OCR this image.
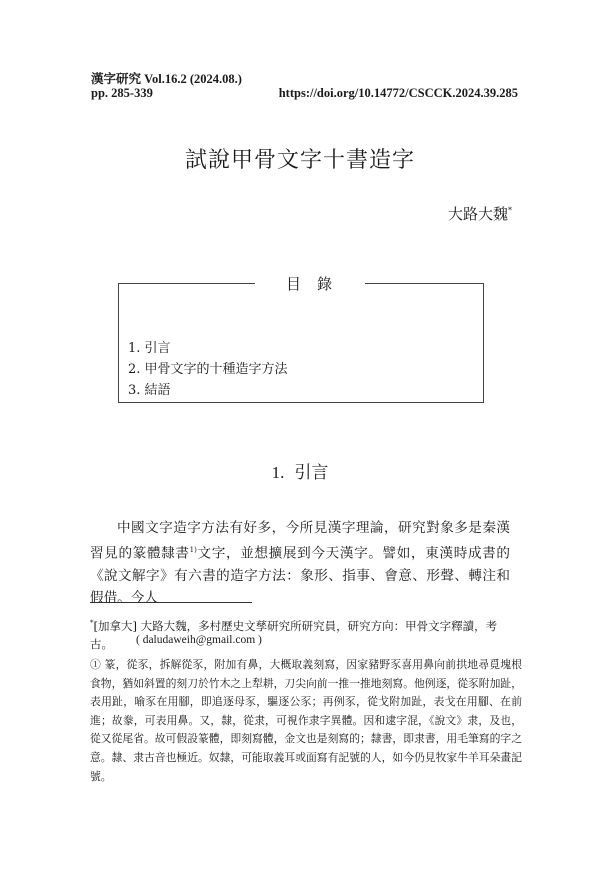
漢字研究 Vol.16.2 (2024.08.)
pp. 285-339	https://doi.org/10.14772/CSCCK.2024.39.285
試說甲骨文字十書造字
大路大魏*
目錄
1. 引言
2. 甲骨文字的十種造字方法
3. 結語
1. 引言

中國文字造字方法有好多，今所見漢字理論，研究對象多是秦漢習見的篆體隸書$^{1)}$文字，並想擴展到今天漢字。譬如，東漢時成書的《說文解字》有六書的造字方法：象形、指事、會意、形聲、轉注和假借。今人

*[加拿大] 大路大魏，多村歷史文孳研究所研究員，研究方向：甲骨文字釋讀，考古。	( daludaweih@gmail.com )
① 篆，從豕，拆解從豕，附加有鼻，大概取義刻寫，因家豬野豕喜用鼻向前拱地尋覓塊根食物，猶如斜置的刻刀於竹木之上犁耕，刀尖向前一推一推地刻寫。他例逐，從豕附加趾，表用趾，喻豕在用腳，即追逐母豕，驅逐公豕；再例豕，從戈附加趾，表戈在用腳、在前進；故豢，可表用鼻。又，隸，從隶，可視作隶字異體。因和逮字混，《說文》隶，及也，從又從尾省。故可假設篆體，即刻寫體，金文也是刻寫的；隸書，即隶書，用毛筆寫的字之意。隸、隶古音也極近。奴隸，可能取義耳或面寫有記號的人，如今仍見牧家牛羊耳朵畫記號。
